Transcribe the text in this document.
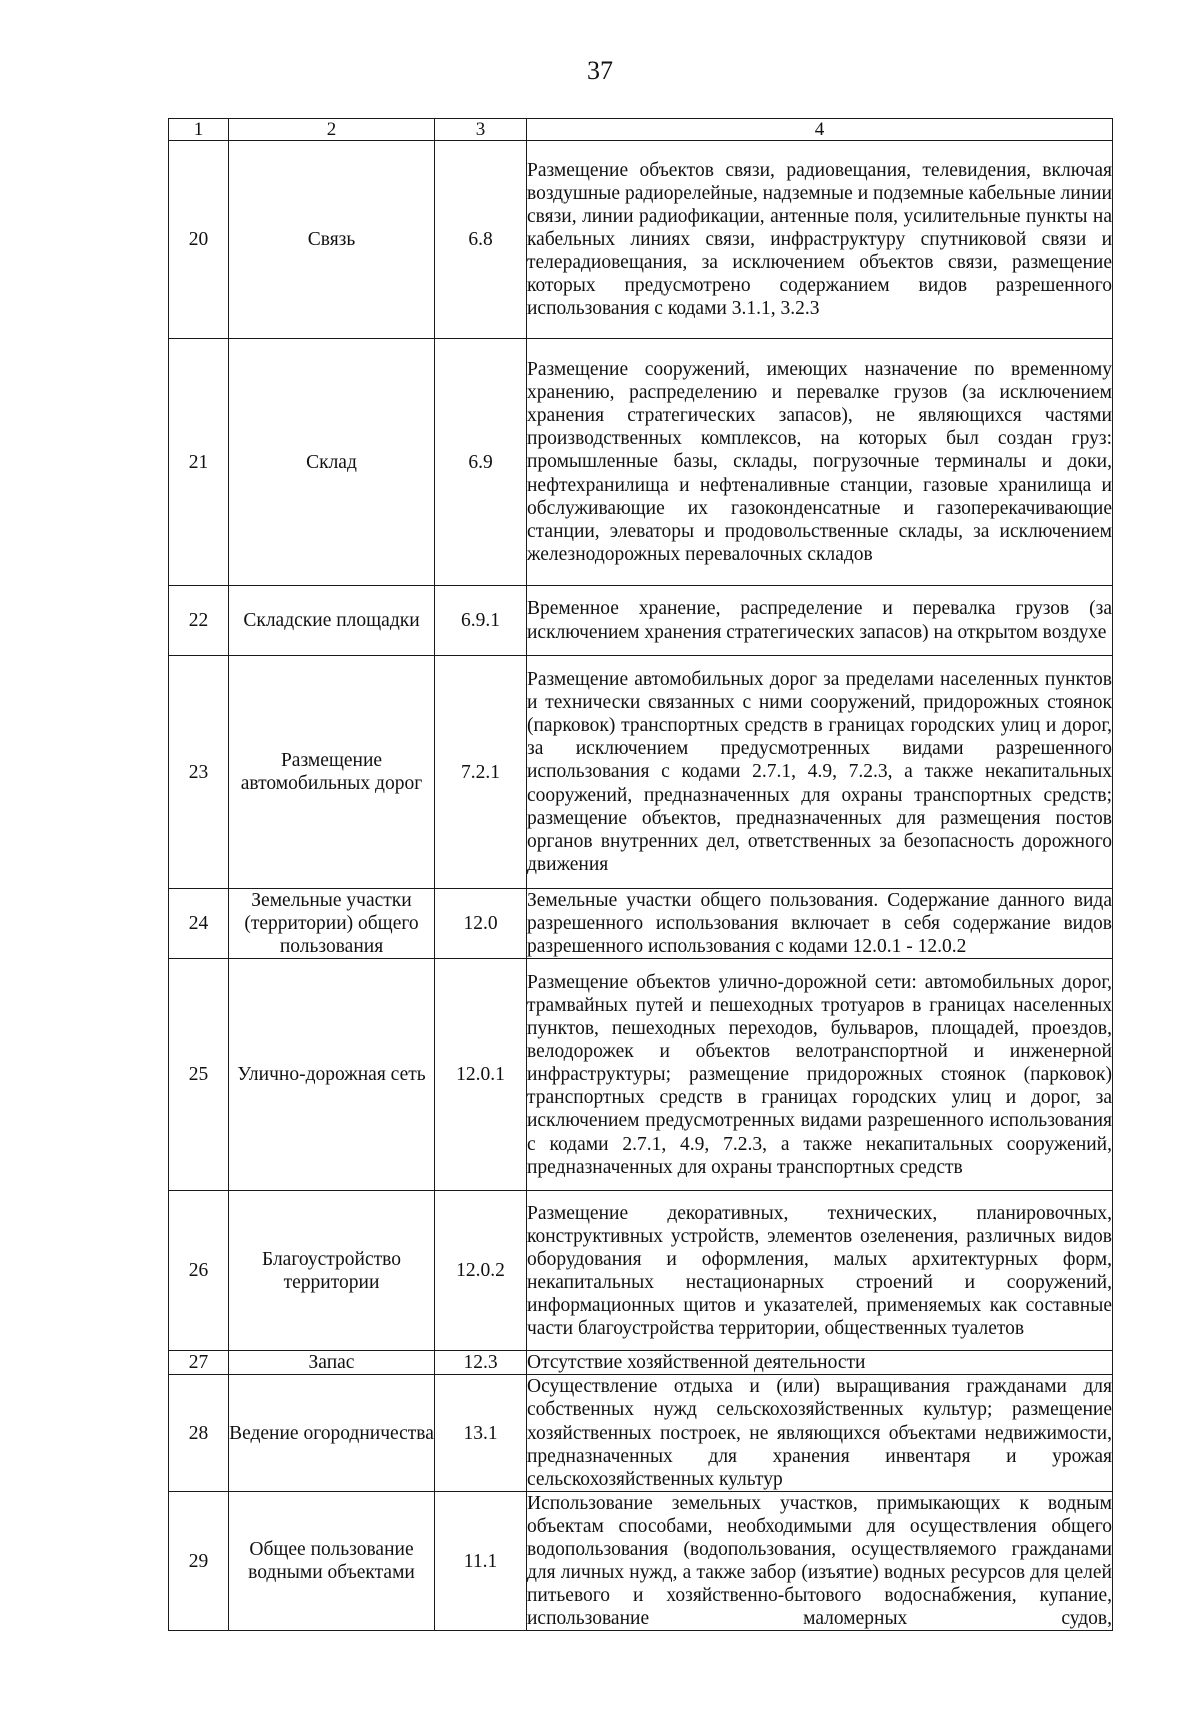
37
1	2	3	4
20	Связь	6.8	Размещение объектов связи, радиовещания, телевидения, включая воздушные радиорелейные, надземные и подземные кабельные линии связи, линии радиофикации, антенные поля, усилительные пункты на кабельных линиях связи, инфраструктуру спутниковой связи и телерадиовещания, за исключением объектов связи, размещение которых предусмотрено содержанием видов разрешенного использования с кодами 3.1.1, 3.2.3
21	Склад	6.9	Размещение сооружений, имеющих назначение по временному хранению, распределению и перевалке грузов (за исключением хранения стратегических запасов), не являющихся частями производственных комплексов, на которых был создан груз: промышленные базы, склады, погрузочные терминалы и доки, нефтехранилища и нефтеналивные станции, газовые хранилища и обслуживающие их газоконденсатные и газоперекачивающие станции, элеваторы и продовольственные склады, за исключением железнодорожных перевалочных складов
22	Складские площадки	6.9.1	Временное хранение, распределение и перевалка грузов (за исключением хранения стратегических запасов) на открытом воздухе
23	Размещение автомобильных дорог	7.2.1	Размещение автомобильных дорог за пределами населенных пунктов и технически связанных с ними сооружений, придорожных стоянок (парковок) транспортных средств в границах городских улиц и дорог, за исключением предусмотренных видами разрешенного использования с кодами 2.7.1, 4.9, 7.2.3, а также некапитальных сооружений, предназначенных для охраны транспортных средств; размещение объектов, предназначенных для размещения постов органов внутренних дел, ответственных за безопасность дорожного движения
24	Земельные участки (территории) общего пользования	12.0	Земельные участки общего пользования. Содержание данного вида разрешенного использования включает в себя содержание видов разрешенного использования с кодами 12.0.1 - 12.0.2
25	Улично-дорожная сеть	12.0.1	Размещение объектов улично-дорожной сети: автомобильных дорог, трамвайных путей и пешеходных тротуаров в границах населенных пунктов, пешеходных переходов, бульваров, площадей, проездов, велодорожек и объектов велотранспортной и инженерной инфраструктуры; размещение придорожных стоянок (парковок) транспортных средств в границах городских улиц и дорог, за исключением предусмотренных видами разрешенного использования с кодами 2.7.1, 4.9, 7.2.3, а также некапитальных сооружений, предназначенных для охраны транспортных средств
26	Благоустройство территории	12.0.2	Размещение декоративных, технических, планировочных, конструктивных устройств, элементов озеленения, различных видов оборудования и оформления, малых архитектурных форм, некапитальных нестационарных строений и сооружений, информационных щитов и указателей, применяемых как составные части благоустройства территории, общественных туалетов
27	Запас	12.3	Отсутствие хозяйственной деятельности
28	Ведение огородничества	13.1	Осуществление отдыха и (или) выращивания гражданами для собственных нужд сельскохозяйственных культур; размещение хозяйственных построек, не являющихся объектами недвижимости, предназначенных для хранения инвентаря и урожая сельскохозяйственных культур
29	Общее пользование водными объектами	11.1	Использование земельных участков, примыкающих к водным объектам способами, необходимыми для осуществления общего водопользования (водопользования, осуществляемого гражданами для личных нужд, а также забор (изъятие) водных ресурсов для целей питьевого и хозяйственно-бытового водоснабжения, купание, использование маломерных судов,
